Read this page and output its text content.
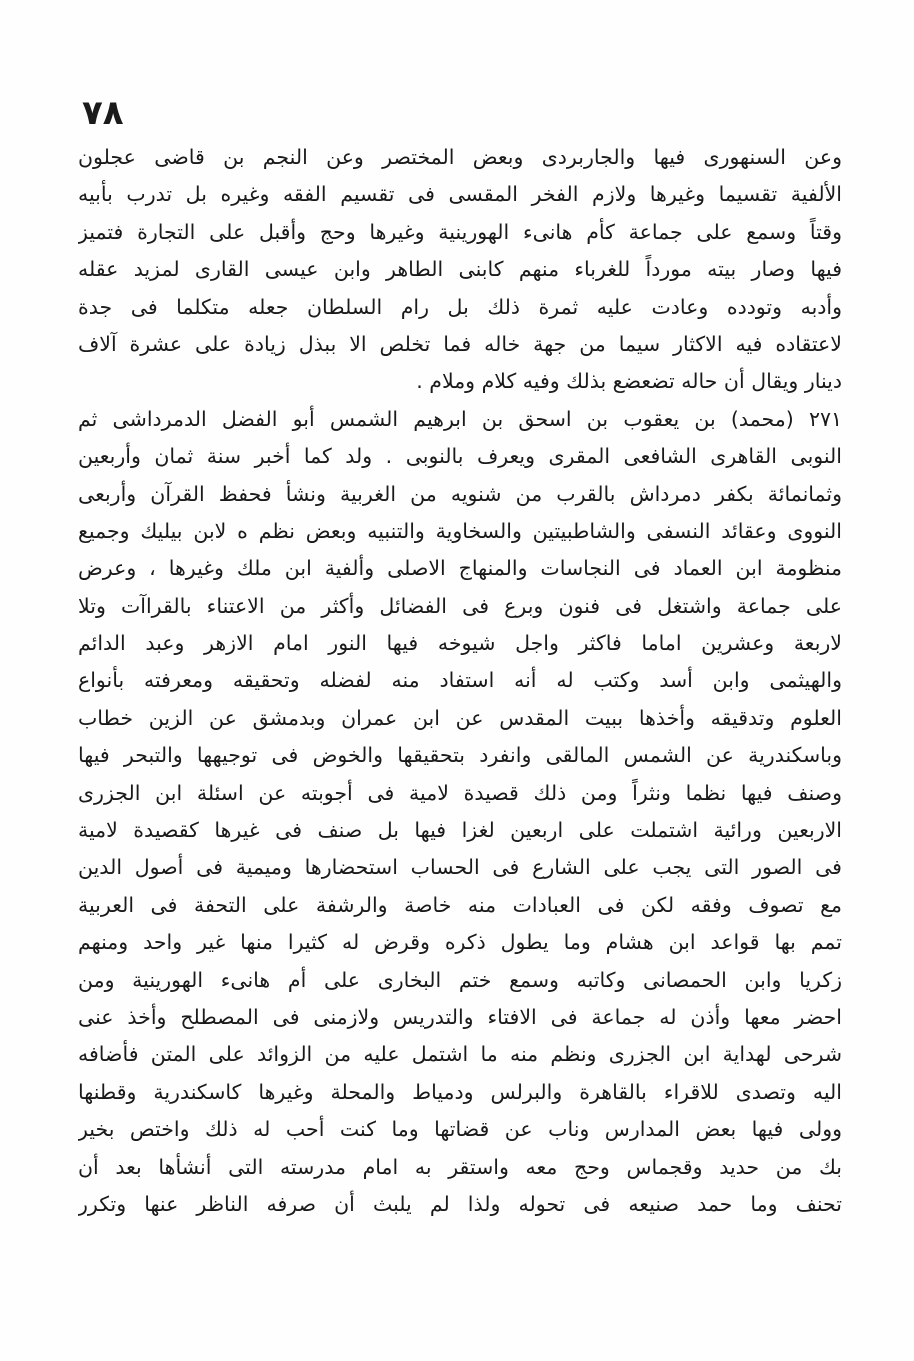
٧٨
وعن السنهورى فيها والجاربردى وبعض المختصر وعن النجم بن قاضى عجلون
الألفية تقسيما وغيرها ولازم الفخر المقسى فى تقسيم الفقه وغيره بل تدرب بأبيه
وقتاً وسمع على جماعة كأم هانىء الهورينية وغيرها وحج وأقبل على التجارة فتميز
فيها وصار بيته مورداً للغرباء منهم كابنى الطاهر وابن عيسى القارى لمزيد عقله
وأدبه وتودده وعادت عليه ثمرة ذلك بل رام السلطان جعله متكلما فى جدة
لاعتقاده فيه الاكثار سيما من جهة خاله فما تخلص الا ببذل زيادة على عشرة آلاف
دينار ويقال أن حاله تضعضع بذلك وفيه كلام وملام .
٢٧١ (محمد) بن يعقوب بن اسحق بن ابرهيم الشمس أبو الفضل الدمرداشى ثم
النوبى القاهرى الشافعى المقرى ويعرف بالنوبى . ولد كما أخبر سنة ثمان وأربعين
وثمانمائة بكفر دمرداش بالقرب من شنويه من الغربية ونشأ فحفظ القرآن وأربعى
النووى وعقائد النسفى والشاطبيتين والسخاوية والتنبيه وبعض نظم ه لابن بيليك وجميع
منظومة ابن العماد فى النجاسات والمنهاج الاصلى وألفية ابن ملك وغيرها ، وعرض
على جماعة واشتغل فى فنون وبرع فى الفضائل وأكثر من الاعتناء بالقراآت وتلا
لاربعة وعشرين اماما فاكثر واجل شيوخه فيها النور امام الازهر وعبد الدائم
والهيثمى وابن أسد وكتب له أنه استفاد منه لفضله وتحقيقه ومعرفته بأنواع
العلوم وتدقيقه وأخذها ببيت المقدس عن ابن عمران وبدمشق عن الزين خطاب
وباسكندرية عن الشمس المالقى وانفرد بتحقيقها والخوض فى توجيهها والتبحر فيها
وصنف فيها نظما ونثراً ومن ذلك قصيدة لامية فى أجوبته عن اسئلة ابن الجزرى
الاربعين ورائية اشتملت على اربعين لغزا فيها بل صنف فى غيرها كقصيدة لامية
فى الصور التى يجب على الشارع فى الحساب استحضارها وميمية فى أصول الدين
مع تصوف وفقه لكن فى العبادات منه خاصة والرشفة على التحفة فى العربية
تمم بها قواعد ابن هشام وما يطول ذكره وقرض له كثيرا منها غير واحد ومنهم
زكريا وابن الحمصانى وكاتبه وسمع ختم البخارى على أم هانىء الهورينية ومن
احضر معها وأذن له جماعة فى الافتاء والتدريس ولازمنى فى المصطلح وأخذ عنى
شرحى لهداية ابن الجزرى ونظم منه ما اشتمل عليه من الزوائد على المتن فأضافه
اليه وتصدى للاقراء بالقاهرة والبرلس ودمياط والمحلة وغيرها كاسكندرية وقطنها
وولى فيها بعض المدارس وناب عن قضاتها وما كنت أحب له ذلك واختص بخير
بك من حديد وقجماس وحج معه واستقر به امام مدرسته التى أنشأها بعد أن
تحنف وما حمد صنيعه فى تحوله ولذا لم يلبث أن صرفه الناظر عنها وتكرر
